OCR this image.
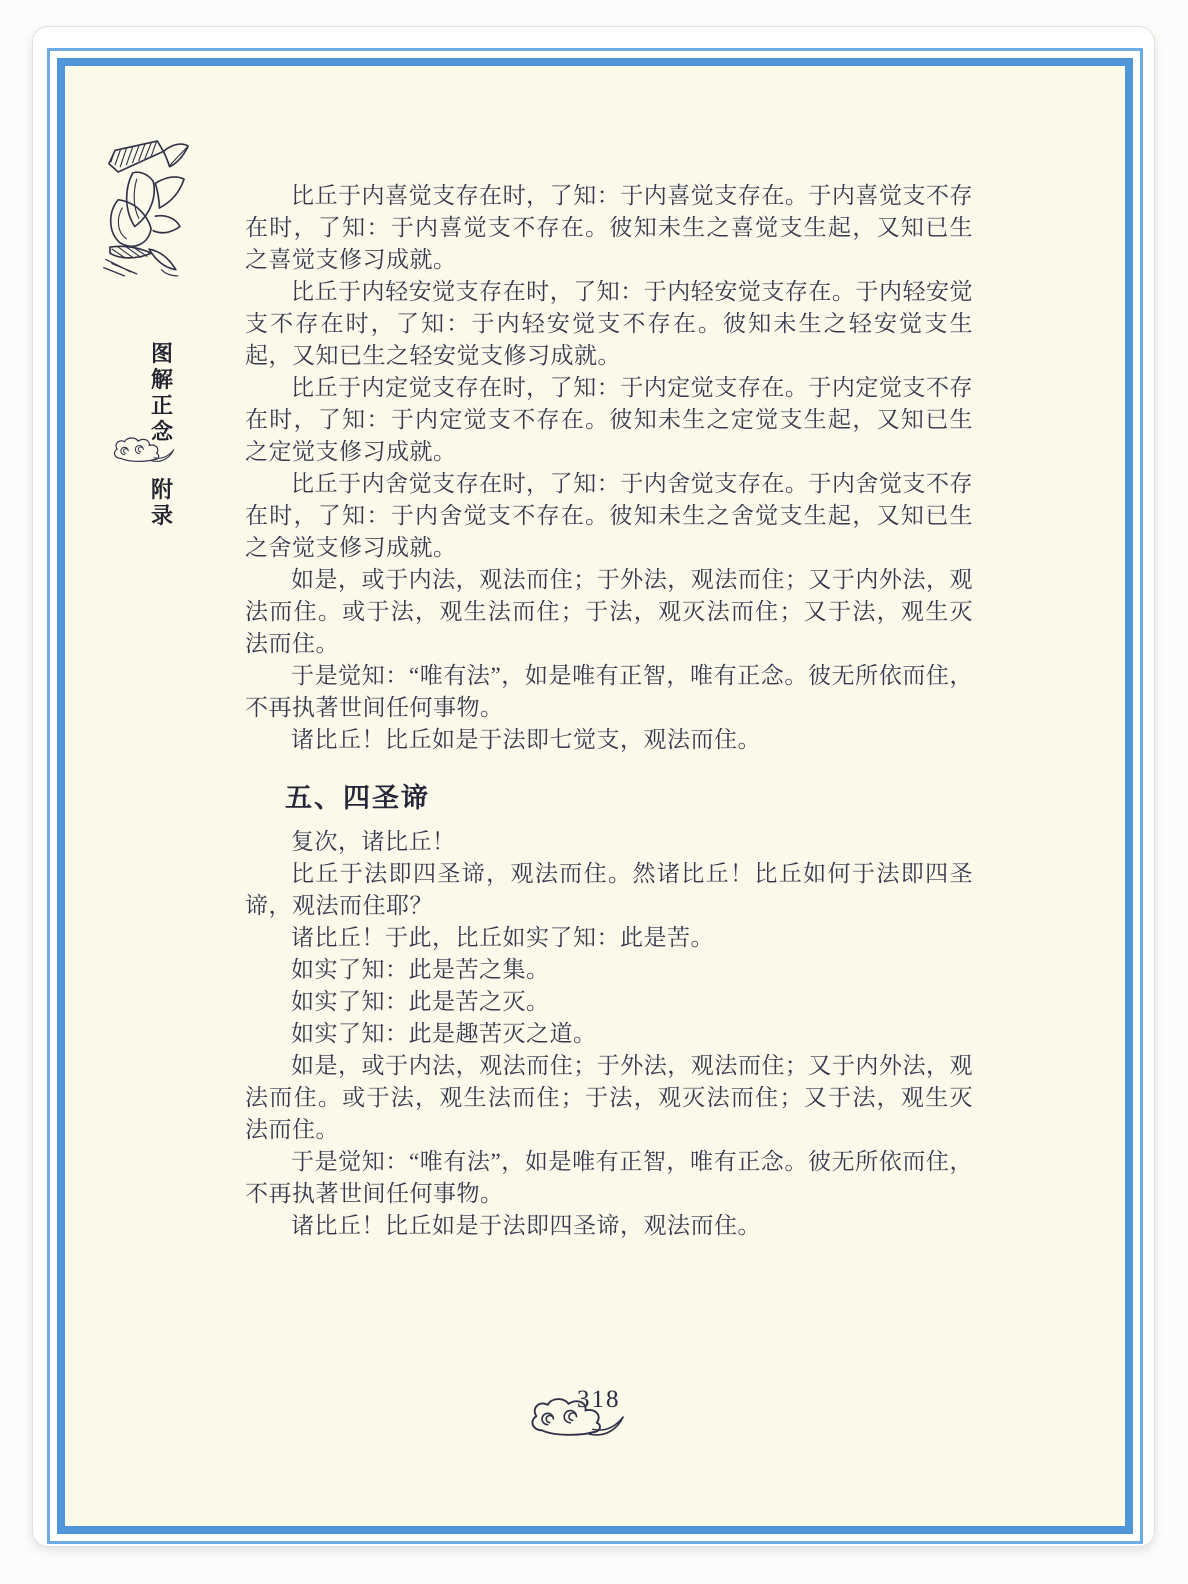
图
解
正
念
附
录

比丘于内喜觉支存在时，了知：于内喜觉支存在。于内喜觉支不存在时，了知：于内喜觉支不存在。彼知未生之喜觉支生起，又知已生之喜觉支修习成就。

比丘于内轻安觉支存在时，了知：于内轻安觉支存在。于内轻安觉支不存在时，了知：于内轻安觉支不存在。彼知未生之轻安觉支生起，又知已生之轻安觉支修习成就。

比丘于内定觉支存在时，了知：于内定觉支存在。于内定觉支不存在时，了知：于内定觉支不存在。彼知未生之定觉支生起，又知已生之定觉支修习成就。

比丘于内舍觉支存在时，了知：于内舍觉支存在。于内舍觉支不存在时，了知：于内舍觉支不存在。彼知未生之舍觉支生起，又知已生之舍觉支修习成就。

如是，或于内法，观法而住；于外法，观法而住；又于内外法，观法而住。或于法，观生法而住；于法，观灭法而住；又于法，观生灭法而住。

于是觉知：“唯有法”，如是唯有正智，唯有正念。彼无所依而住，不再执著世间任何事物。

诸比丘！比丘如是于法即七觉支，观法而住。

五、四圣谛

复次，诸比丘！

比丘于法即四圣谛，观法而住。然诸比丘！比丘如何于法即四圣谛，观法而住耶？

诸比丘！于此，比丘如实了知：此是苦。

如实了知：此是苦之集。

如实了知：此是苦之灭。

如实了知：此是趣苦灭之道。

如是，或于内法，观法而住；于外法，观法而住；又于内外法，观法而住。或于法，观生法而住；于法，观灭法而住；又于法，观生灭法而住。

于是觉知：“唯有法”，如是唯有正智，唯有正念。彼无所依而住，不再执著世间任何事物。

诸比丘！比丘如是于法即四圣谛，观法而住。

318
